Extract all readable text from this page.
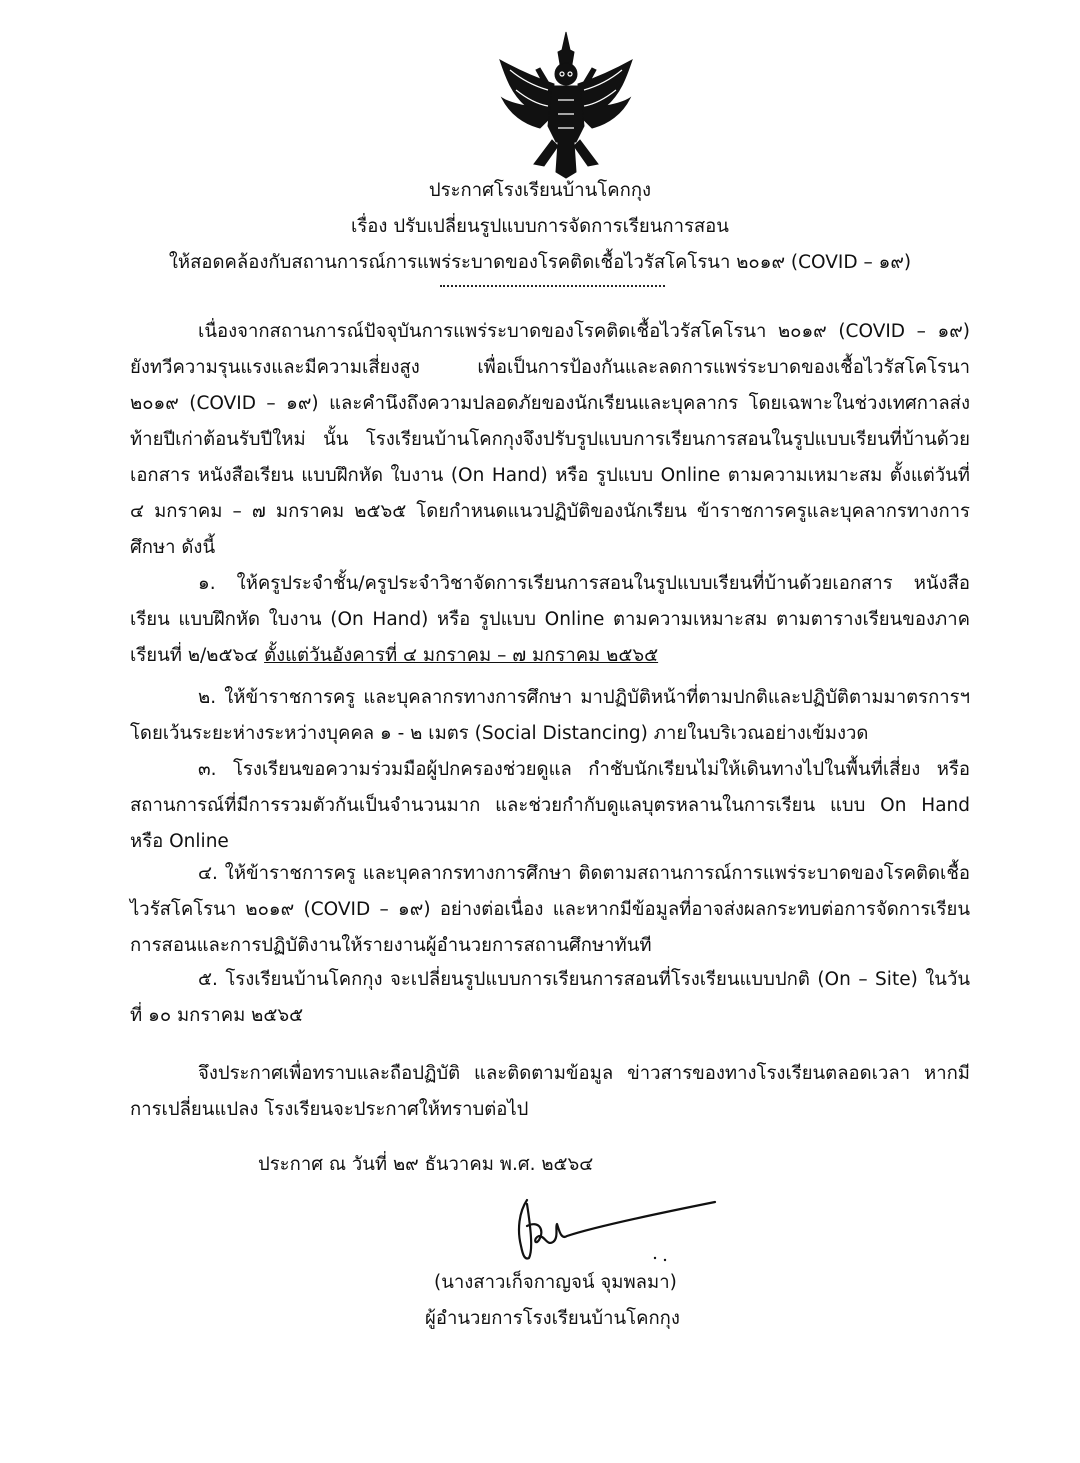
ประกาศโรงเรียนบ้านโคกกุง
เรื่อง ปรับเปลี่ยนรูปแบบการจัดการเรียนการสอน
ให้สอดคล้องกับสถานการณ์การแพร่ระบาดของโรคติดเชื้อไวรัสโคโรนา ๒๐๑๙ (COVID – ๑๙)
เนื่องจากสถานการณ์ปัจจุบันการแพร่ระบาดของโรคติดเชื้อไวรัสโคโรนา ๒๐๑๙ (COVID – ๑๙) ยังทวีความรุนแรงและมีความเสี่ยงสูง เพื่อเป็นการป้องกันและลดการแพร่ระบาดของเชื้อไวรัสโคโรนา ๒๐๑๙ (COVID – ๑๙) และคำนึงถึงความปลอดภัยของนักเรียนและบุคลากร โดยเฉพาะในช่วงเทศกาลส่งท้ายปีเก่าต้อนรับปีใหม่ นั้น โรงเรียนบ้านโคกกุงจึงปรับรูปแบบการเรียนการสอนในรูปแบบเรียนที่บ้านด้วยเอกสาร หนังสือเรียน แบบฝึกหัด ใบงาน (On Hand) หรือ รูปแบบ Online ตามความเหมาะสม ตั้งแต่วันที่ ๔ มกราคม – ๗ มกราคม ๒๕๖๕ โดยกำหนดแนวปฏิบัติของนักเรียน ข้าราชการครูและบุคลากรทางการศึกษา ดังนี้
๑. ให้ครูประจำชั้น/ครูประจำวิชาจัดการเรียนการสอนในรูปแบบเรียนที่บ้านด้วยเอกสาร หนังสือเรียน แบบฝึกหัด ใบงาน (On Hand) หรือ รูปแบบ Online ตามความเหมาะสม ตามตารางเรียนของภาคเรียนที่ ๒/๒๕๖๔ ตั้งแต่วันอังคารที่ ๔ มกราคม – ๗ มกราคม ๒๕๖๕
๒. ให้ข้าราชการครู และบุคลากรทางการศึกษา มาปฏิบัติหน้าที่ตามปกติและปฏิบัติตามมาตรการฯ โดยเว้นระยะห่างระหว่างบุคคล ๑ - ๒ เมตร (Social Distancing) ภายในบริเวณอย่างเข้มงวด
๓. โรงเรียนขอความร่วมมือผู้ปกครองช่วยดูแล กำชับนักเรียนไม่ให้เดินทางไปในพื้นที่เสี่ยง หรือสถานการณ์ที่มีการรวมตัวกันเป็นจำนวนมาก และช่วยกำกับดูแลบุตรหลานในการเรียน แบบ On Hand หรือ Online
๔. ให้ข้าราชการครู และบุคลากรทางการศึกษา ติดตามสถานการณ์การแพร่ระบาดของโรคติดเชื้อไวรัสโคโรนา ๒๐๑๙ (COVID – ๑๙) อย่างต่อเนื่อง และหากมีข้อมูลที่อาจส่งผลกระทบต่อการจัดการเรียนการสอนและการปฏิบัติงานให้รายงานผู้อำนวยการสถานศึกษาทันที
๕. โรงเรียนบ้านโคกกุง จะเปลี่ยนรูปแบบการเรียนการสอนที่โรงเรียนแบบปกติ (On – Site) ในวันที่ ๑๐ มกราคม ๒๕๖๕
จึงประกาศเพื่อทราบและถือปฏิบัติ และติดตามข้อมูล ข่าวสารของทางโรงเรียนตลอดเวลา หากมีการเปลี่ยนแปลง โรงเรียนจะประกาศให้ทราบต่อไป
ประกาศ ณ วันที่ ๒๙ ธันวาคม พ.ศ. ๒๕๖๔
(นางสาวเก็จกาญจน์ จุมพลมา)
ผู้อำนวยการโรงเรียนบ้านโคกกุง
